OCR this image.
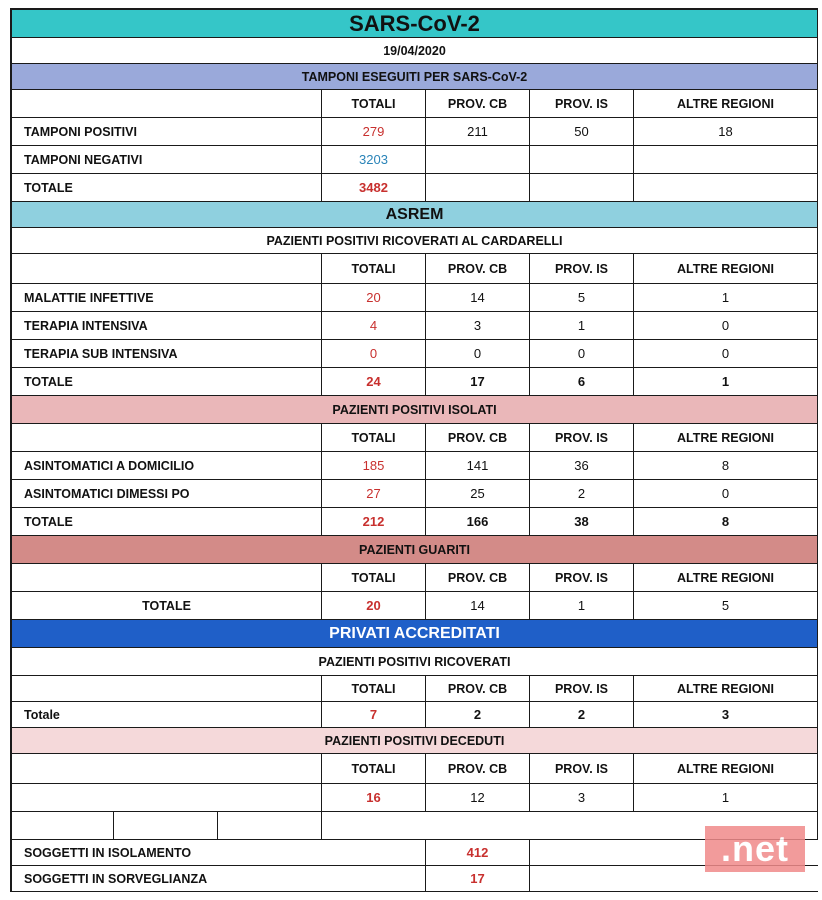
SARS-CoV-2
19/04/2020
TAMPONI ESEGUITI PER SARS-CoV-2
TOTALI	PROV. CB	PROV. IS	ALTRE REGIONI
TAMPONI POSITIVI	279	211	50	18
TAMPONI NEGATIVI	3203
TOTALE	3482
ASREM
PAZIENTI POSITIVI RICOVERATI AL CARDARELLI
TOTALI	PROV. CB	PROV. IS	ALTRE REGIONI
MALATTIE INFETTIVE	20	14	5	1
TERAPIA INTENSIVA	4	3	1	0
TERAPIA SUB INTENSIVA	0	0	0	0
TOTALE	24	17	6	1
PAZIENTI POSITIVI ISOLATI
TOTALI	PROV. CB	PROV. IS	ALTRE REGIONI
ASINTOMATICI A DOMICILIO	185	141	36	8
ASINTOMATICI DIMESSI PO	27	25	2	0
TOTALE	212	166	38	8
PAZIENTI GUARITI
TOTALI	PROV. CB	PROV. IS	ALTRE REGIONI
TOTALE	20	14	1	5
PRIVATI ACCREDITATI
PAZIENTI POSITIVI RICOVERATI
TOTALI	PROV. CB	PROV. IS	ALTRE REGIONI
Totale	7	2	2	3
PAZIENTI POSITIVI DECEDUTI
TOTALI	PROV. CB	PROV. IS	ALTRE REGIONI
16	12	3	1
SOGGETTI IN ISOLAMENTO	412
SOGGETTI IN SORVEGLIANZA	17
.net
